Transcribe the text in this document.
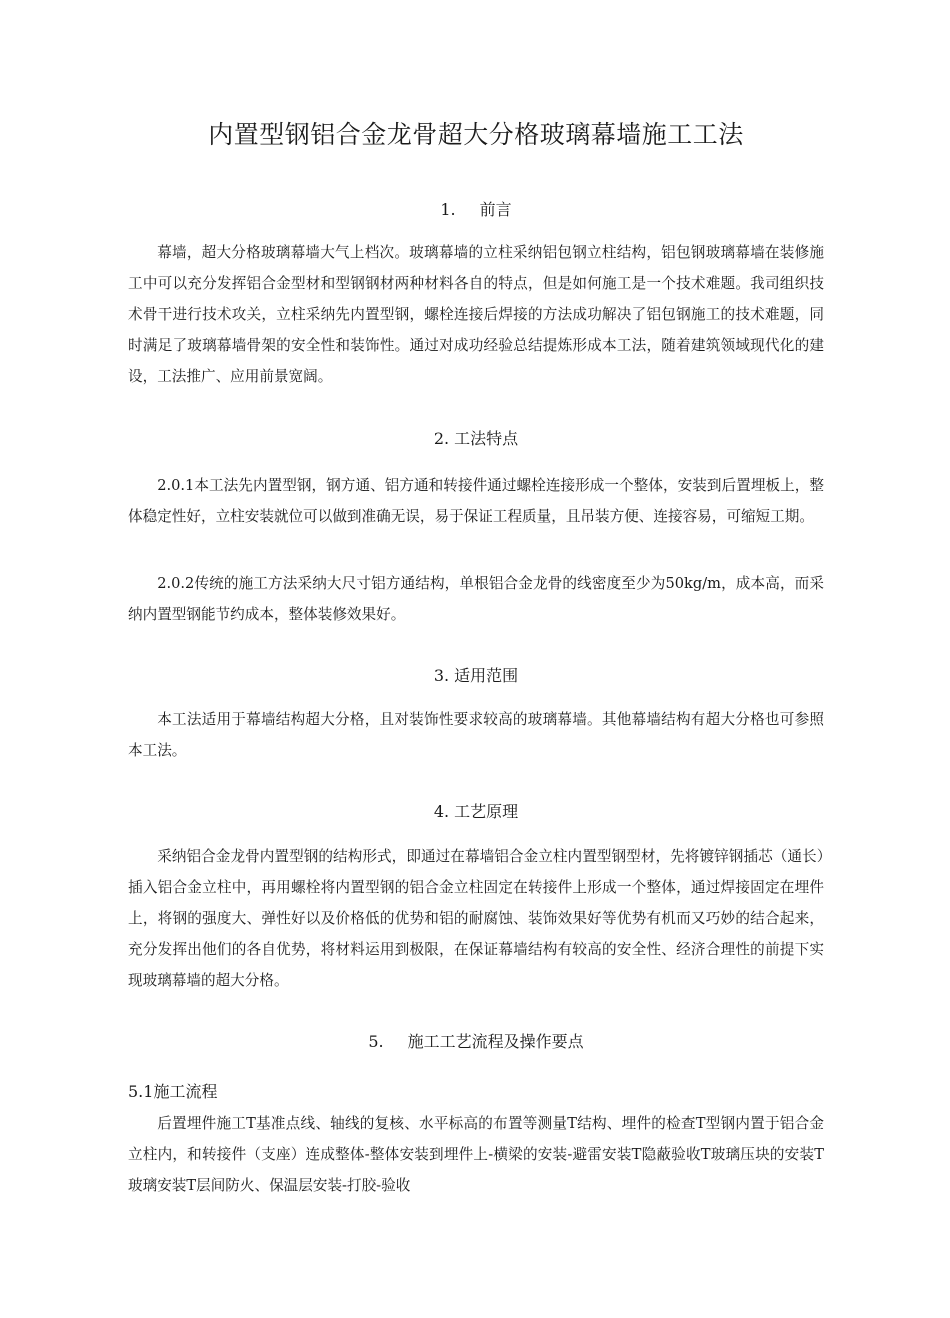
内置型钢铝合金龙骨超大分格玻璃幕墙施工工法
1. 前言

幕墙，超大分格玻璃幕墙大气上档次。玻璃幕墙的立柱采纳铝包钢立柱结构，铝包钢玻璃幕墙在装修施工中可以充分发挥铝合金型材和型钢钢材两种材料各自的特点，但是如何施工是一个技术难题。我司组织技术骨干进行技术攻关，立柱采纳先内置型钢，螺栓连接后焊接的方法成功解决了铝包钢施工的技术难题，同时满足了玻璃幕墙骨架的安全性和装饰性。通过对成功经验总结提炼形成本工法，随着建筑领域现代化的建设，工法推广、应用前景宽阔。

2. 工法特点

2.0.1本工法先内置型钢，钢方通、铝方通和转接件通过螺栓连接形成一个整体，安装到后置埋板上，整体稳定性好，立柱安装就位可以做到准确无误，易于保证工程质量，且吊装方便、连接容易，可缩短工期。

2.0.2传统的施工方法采纳大尺寸铝方通结构，单根铝合金龙骨的线密度至少为50kg/m，成本高，而采纳内置型钢能节约成本，整体装修效果好。

3. 适用范围

本工法适用于幕墙结构超大分格，且对装饰性要求较高的玻璃幕墙。其他幕墙结构有超大分格也可参照本工法。

4. 工艺原理

采纳铝合金龙骨内置型钢的结构形式，即通过在幕墙铝合金立柱内置型钢型材，先将镀锌钢插芯（通长）插入铝合金立柱中，再用螺栓将内置型钢的铝合金立柱固定在转接件上形成一个整体，通过焊接固定在埋件上，将钢的强度大、弹性好以及价格低的优势和铝的耐腐蚀、装饰效果好等优势有机而又巧妙的结合起来，充分发挥出他们的各自优势，将材料运用到极限，在保证幕墙结构有较高的安全性、经济合理性的前提下实现玻璃幕墙的超大分格。

5. 施工工艺流程及操作要点
5.1施工流程

后置埋件施工T基准点线、轴线的复核、水平标高的布置等测量T结构、埋件的检查T型钢内置于铝合金立柱内，和转接件（支座）连成整体-整体安装到埋件上-横梁的安装-避雷安装T隐蔽验收T玻璃压块的安装T玻璃安装T层间防火、保温层安装-打胶-验收
